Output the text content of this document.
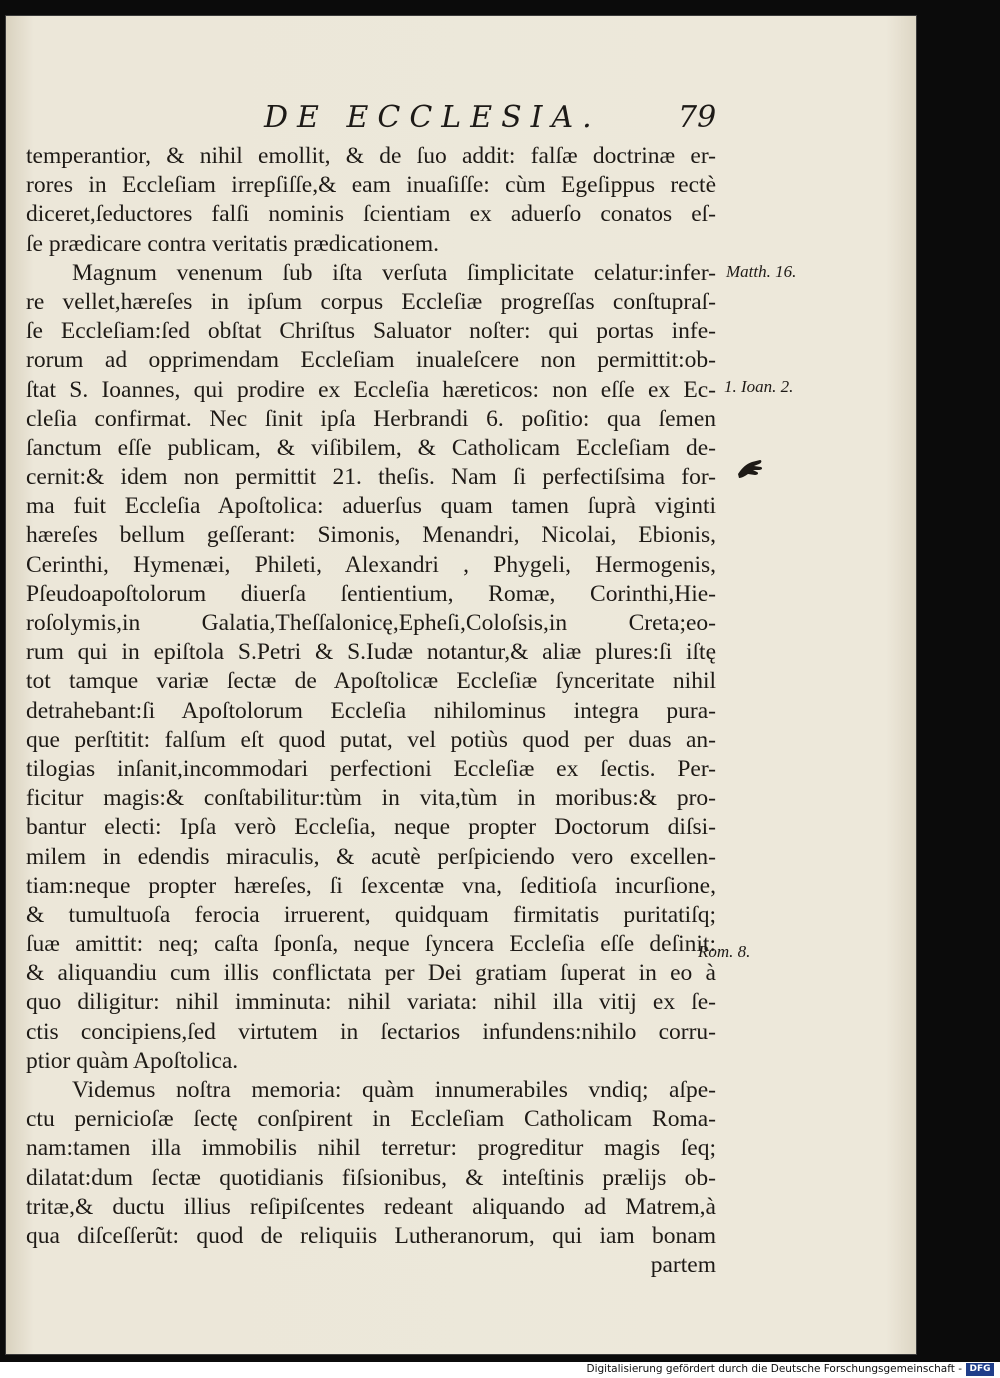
DE ECCLESIA.	79
temperantior, & nihil emollit, & de ſuo addit: falſæ doctrinæ er-
rores in Eccleſiam irrepſiſſe,& eam inuaſiſſe: cùm Egeſippus rectè
diceret,ſeductores falſi nominis ſcientiam ex aduerſo conatos eſ-
ſe prædicare contra veritatis prædicationem.
Magnum venenum ſub iſta verſuta ſimplicitate celatur:infer-
re vellet,hæreſes in ipſum corpus Eccleſiæ progreſſas conſtupraſ-
ſe Eccleſiam:ſed obſtat Chriſtus Saluator noſter: qui portas infe-
rorum ad opprimendam Eccleſiam inualeſcere non permittit:ob-
ſtat S. Ioannes, qui prodire ex Eccleſia hæreticos: non eſſe ex Ec-
cleſia confirmat. Nec ſinit ipſa Herbrandi 6. poſitio: qua ſemen
ſanctum eſſe publicam, & viſibilem, & Catholicam Eccleſiam de-
cernit:& idem non permittit 21. theſis. Nam ſi perfectiſsima for-
ma fuit Eccleſia Apoſtolica: aduerſus quam tamen ſuprà viginti
hæreſes bellum geſſerant: Simonis, Menandri, Nicolai, Ebionis,
Cerinthi, Hymenæi, Phileti, Alexandri , Phygeli, Hermogenis,
Pſeudoapoſtolorum diuerſa ſentientium, Romæ, Corinthi,Hie-
roſolymis,in Galatia,Theſſalonicę,Epheſi,Coloſsis,in Creta;eo-
rum qui in epiſtola S.Petri & S.Iudæ notantur,& aliæ plures:ſi iſtę
tot tamque variæ ſectæ de Apoſtolicæ Eccleſiæ ſynceritate nihil
detrahebant:ſi Apoſtolorum Eccleſia nihilominus integra pura-
que perſtitit: falſum eſt quod putat, vel potiùs quod per duas an-
tilogias inſanit,incommodari perfectioni Eccleſiæ ex ſectis. Per-
ficitur magis:& conſtabilitur:tùm in vita,tùm in moribus:& pro-
bantur electi: Ipſa verò Eccleſia, neque propter Doctorum diſsi-
milem in edendis miraculis, & acutè perſpiciendo vero excellen-
tiam:neque propter hæreſes, ſi ſexcentæ vna, ſeditioſa incurſione,
& tumultuoſa ferocia irruerent, quidquam firmitatis puritatiſq;
ſuæ amittit: neq; caſta ſponſa, neque ſyncera Eccleſia eſſe deſinit:
& aliquandiu cum illis conflictata per Dei gratiam ſuperat in eo à
quo diligitur: nihil imminuta: nihil variata: nihil illa vitij ex ſe-
ctis concipiens,ſed virtutem in ſectarios infundens:nihilo corru-
ptior quàm Apoſtolica.
Videmus noſtra memoria: quàm innumerabiles vndiq; aſpe-
ctu pernicioſæ ſectę conſpirent in Eccleſiam Catholicam Roma-
nam:tamen illa immobilis nihil terretur: progreditur magis ſeq;
dilatat:dum ſectæ quotidianis fiſsionibus, & inteſtinis prælijs ob-
tritæ,& ductu illius reſipiſcentes redeant aliquando ad Matrem,à
qua diſceſſerũt: quod de reliquiis Lutheranorum, qui iam bonam
partem
Matth. 16.
1. Ioan. 2.
Rom. 8.
Digitalisierung gefördert durch die Deutsche Forschungsgemeinschaft - DFG
